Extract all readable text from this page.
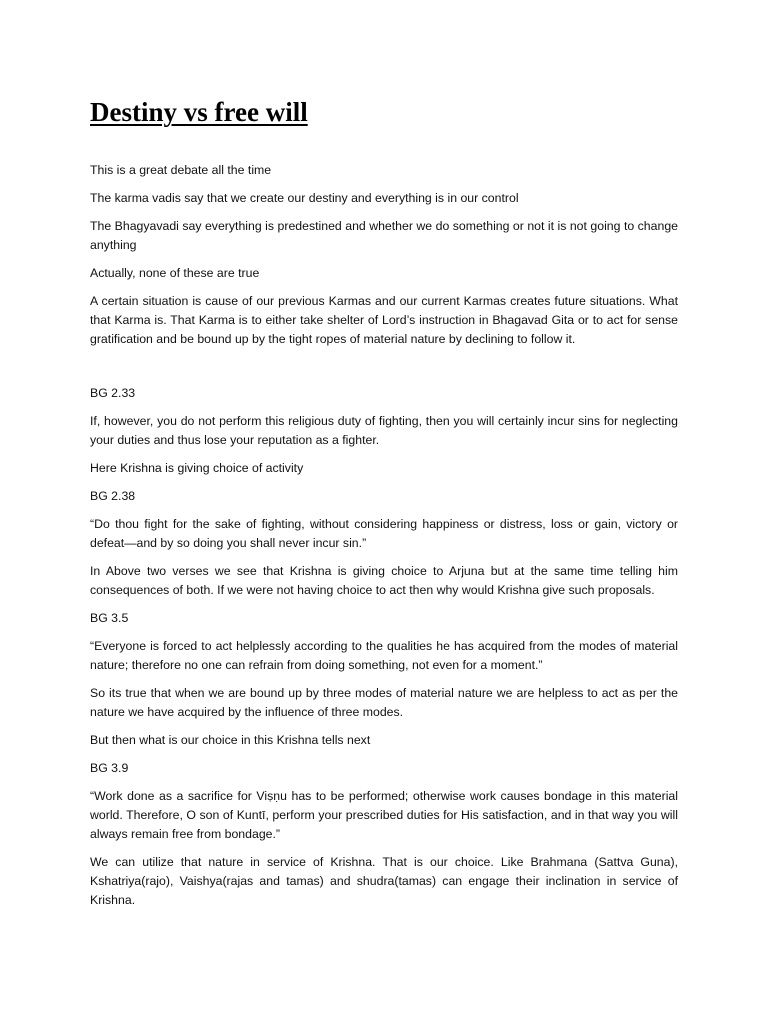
Destiny vs free will
This is a great debate all the time
The karma vadis say that we create our destiny and everything is in our control
The Bhagyavadi say everything is predestined and whether we do something or not it is not going to change anything
Actually, none of these are true
A certain situation is cause of our previous Karmas and our current Karmas creates future situations. What that Karma is. That Karma is to either take shelter of Lord’s instruction in Bhagavad Gita or to act for sense gratification and be bound up by the tight ropes of material nature by declining to follow it.
BG 2.33
If, however, you do not perform this religious duty of fighting, then you will certainly incur sins for neglecting your duties and thus lose your reputation as a fighter.
Here Krishna is giving choice of activity
BG 2.38
“Do thou fight for the sake of fighting, without considering happiness or distress, loss or gain, victory or defeat—and by so doing you shall never incur sin.”
In Above two verses we see that Krishna is giving choice to Arjuna but at the same time telling him consequences of both. If we were not having choice to act then why would Krishna give such proposals.
BG 3.5
“Everyone is forced to act helplessly according to the qualities he has acquired from the modes of material nature; therefore no one can refrain from doing something, not even for a moment.”
So its true that when we are bound up by three modes of material nature we are helpless to act as per the nature we have acquired by the influence of three modes.
But then what is our choice in this Krishna tells next
BG 3.9
“Work done as a sacrifice for Viṣṇu has to be performed; otherwise work causes bondage in this material world. Therefore, O son of Kuntī, perform your prescribed duties for His satisfaction, and in that way you will always remain free from bondage.”
We can utilize that nature in service of Krishna. That is our choice. Like Brahmana (Sattva Guna), Kshatriya(rajo), Vaishya(rajas and tamas) and shudra(tamas) can engage their inclination in service of Krishna.
